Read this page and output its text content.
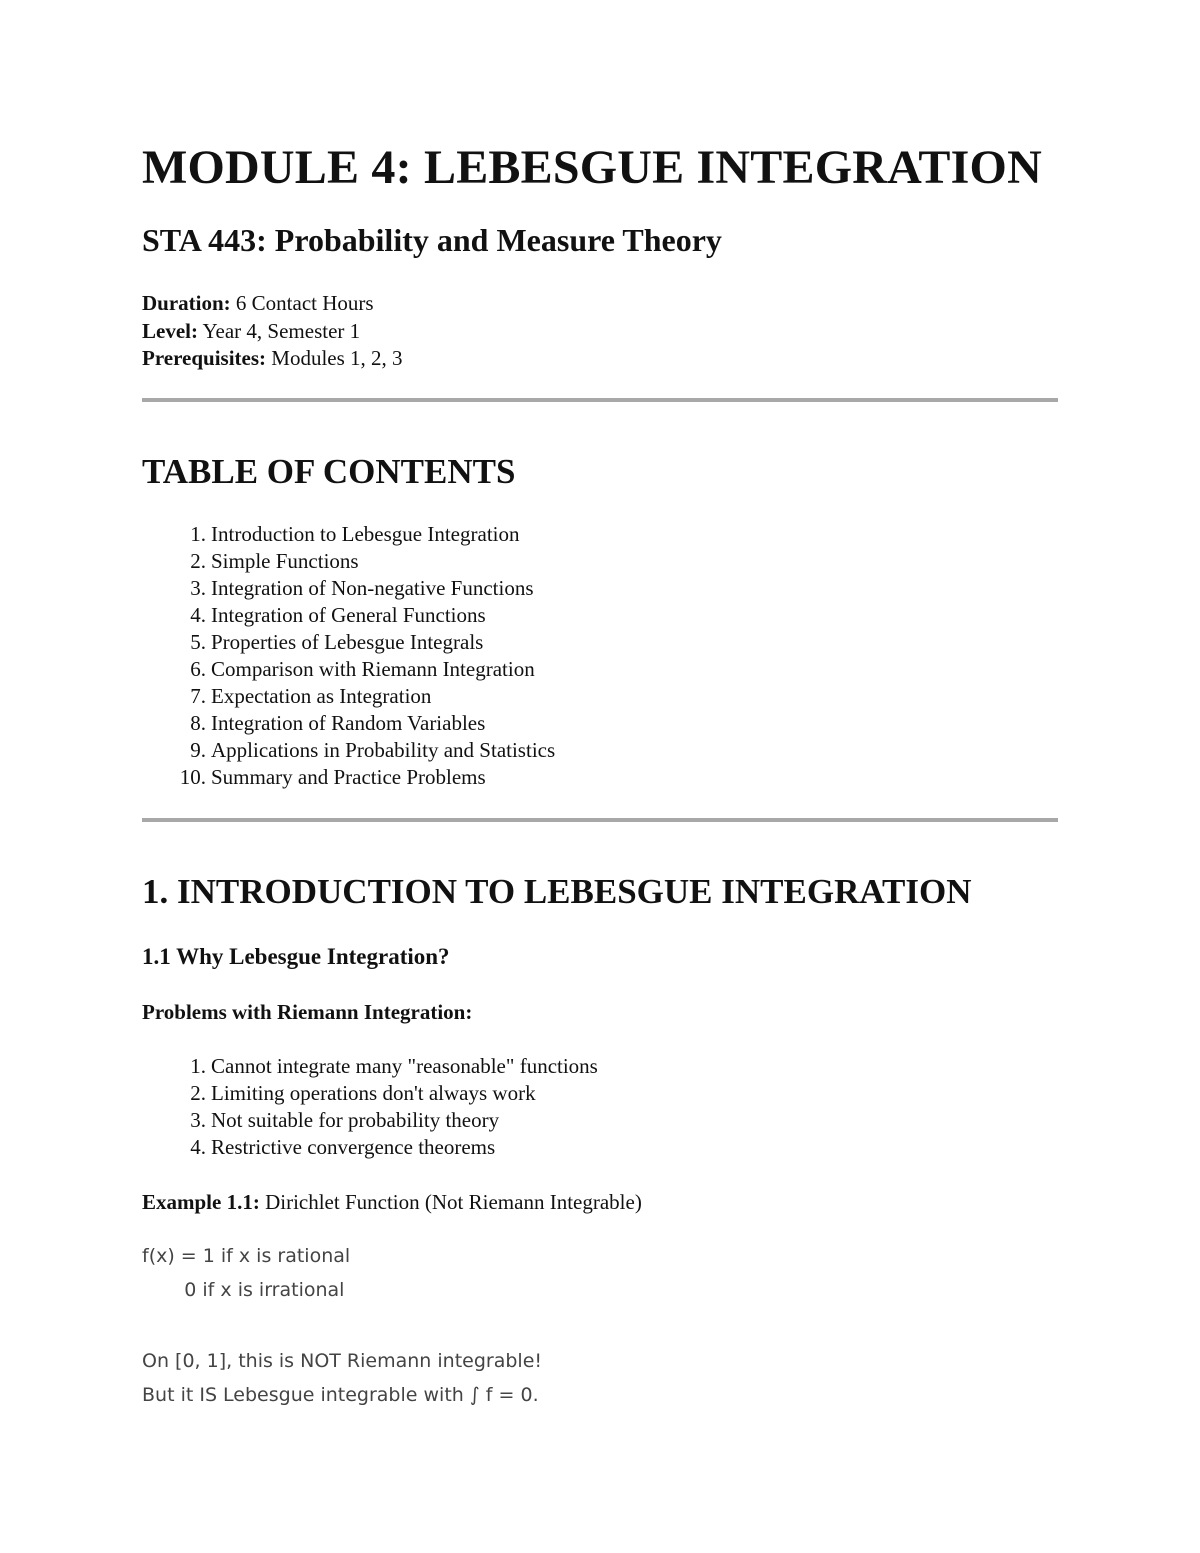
MODULE 4: LEBESGUE INTEGRATION
STA 443: Probability and Measure Theory
Duration: 6 Contact Hours
Level: Year 4, Semester 1
Prerequisites: Modules 1, 2, 3
TABLE OF CONTENTS
1. Introduction to Lebesgue Integration
2. Simple Functions
3. Integration of Non-negative Functions
4. Integration of General Functions
5. Properties of Lebesgue Integrals
6. Comparison with Riemann Integration
7. Expectation as Integration
8. Integration of Random Variables
9. Applications in Probability and Statistics
10. Summary and Practice Problems
1. INTRODUCTION TO LEBESGUE INTEGRATION
1.1 Why Lebesgue Integration?
Problems with Riemann Integration:
1. Cannot integrate many "reasonable" functions
2. Limiting operations don't always work
3. Not suitable for probability theory
4. Restrictive convergence theorems
Example 1.1: Dirichlet Function (Not Riemann Integrable)
f(x) = 1 if x is rational
0 if x is irrational
On [0, 1], this is NOT Riemann integrable!
But it IS Lebesgue integrable with ∫ f = 0.
